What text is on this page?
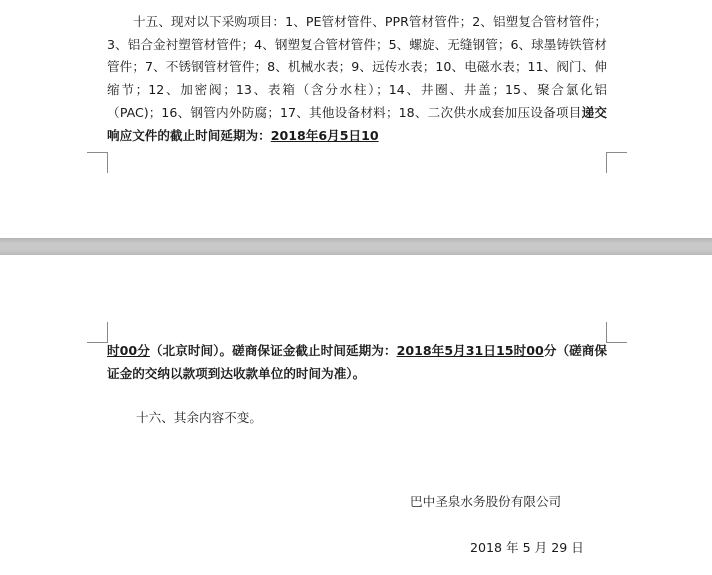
十五、现对以下采购项目：1、PE管材管件、PPR管材管件；2、铝塑复合管材管件；3、铝合金衬塑管材管件；4、钢塑复合管材管件；5、螺旋、无缝钢管；6、球墨铸铁管材管件；7、不锈钢管材管件；8、机械水表；9、远传水表；10、电磁水表；11、阀门、伸缩节；12、加密阀；13、表箱（含分水柱）；14、井圈、井盖；15、聚合氯化铝（PAC)；16、钢管内外防腐；17、其他设备材料；18、二次供水成套加压设备项目递交响应文件的截止时间延期为：2018年6月5日10
时00分（北京时间）。磋商保证金截止时间延期为：2018年5月31日15时00分（磋商保证金的交纳以款项到达收款单位的时间为准）。
十六、其余内容不变。
巴中圣泉水务股份有限公司
2018 年 5 月 29 日
